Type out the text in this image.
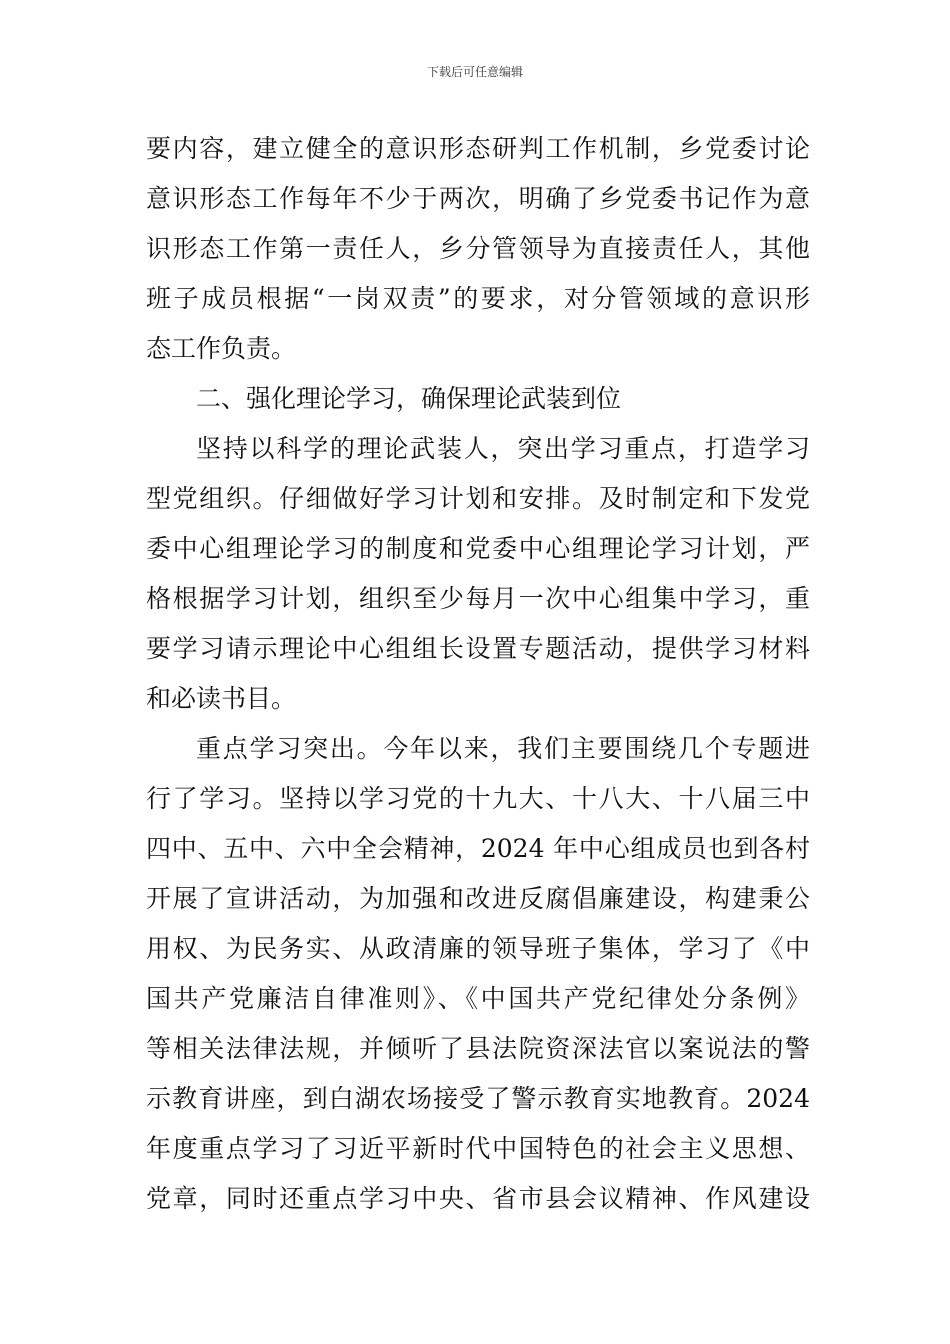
下载后可任意编辑
要内容，建立健全的意识形态研判工作机制，乡党委讨论
意识形态工作每年不少于两次，明确了乡党委书记作为意
识形态工作第一责任人，乡分管领导为直接责任人，其他
班子成员根据“一岗双责”的要求，对分管领域的意识形
态工作负责。
二、强化理论学习，确保理论武装到位
坚持以科学的理论武装人，突出学习重点，打造学习
型党组织。仔细做好学习计划和安排。及时制定和下发党
委中心组理论学习的制度和党委中心组理论学习计划，严
格根据学习计划，组织至少每月一次中心组集中学习，重
要学习请示理论中心组组长设置专题活动，提供学习材料
和必读书目。
重点学习突出。今年以来，我们主要围绕几个专题进
行了学习。坚持以学习党的十九大、十八大、十八届三中
四中、五中、六中全会精神，2024 年中心组成员也到各村
开展了宣讲活动，为加强和改进反腐倡廉建设，构建秉公
用权、为民务实、从政清廉的领导班子集体，学习了《中
国共产党廉洁自律准则》、《中国共产党纪律处分条例》
等相关法律法规，并倾听了县法院资深法官以案说法的警
示教育讲座，到白湖农场接受了警示教育实地教育。2024
年度重点学习了习近平新时代中国特色的社会主义思想、
党章，同时还重点学习中央、省市县会议精神、作风建设
